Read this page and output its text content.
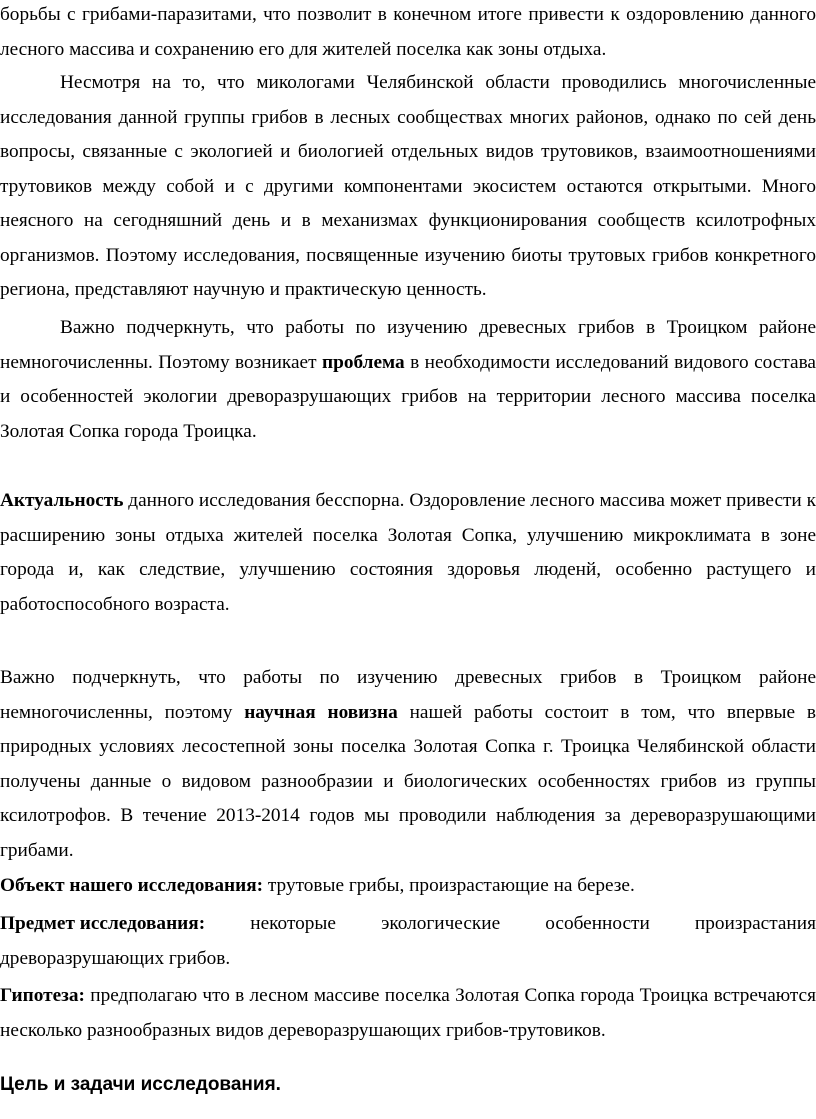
борьбы с грибами-паразитами, что позволит в конечном итоге привести к оздоровлению данного лесного массива и сохранению его для жителей поселка как зоны отдыха.

Несмотря на то, что микологами Челябинской области проводились многочисленные исследования данной группы грибов в лесных сообществах многих районов, однако по сей день вопросы, связанные с экологией и биологией отдельных видов трутовиков, взаимоотношениями трутовиков между собой и с другими компонентами экосистем остаются открытыми. Много неясного на сегодняшний день и в механизмах функционирования сообществ ксилотрофных организмов. Поэтому исследования, посвященные изучению биоты трутовых грибов конкретного региона, представляют научную и практическую ценность.

Важно подчеркнуть, что работы по изучению древесных грибов в Троицком районе немногочисленны. Поэтому возникает проблема в необходимости исследований видового состава и особенностей экологии древоразрушающих грибов на территории лесного массива поселка Золотая Сопка города Троицка.

Актуальность данного исследования бесспорна. Оздоровление лесного массива может привести к расширению зоны отдыха жителей поселка Золотая Сопка, улучшению микроклимата в зоне города и, как следствие, улучшению состояния здоровья люденй, особенно растущего и работоспособного возраста.

Важно подчеркнуть, что работы по изучению древесных грибов в Троицком районе немногочисленны, поэтому научная новизна нашей работы состоит в том, что впервые в природных условиях лесостепной зоны поселка Золотая Сопка г. Троицка Челябинской области получены данные о видовом разнообразии и биологических особенностях грибов из группы ксилотрофов. В течение 2013-2014 годов мы проводили наблюдения за дереворазрушающими грибами.

Объект нашего исследования: трутовые грибы, произрастающие на березе.

Предмет исследования: некоторые экологические особенности произрастания

древоразрушающих грибов.

Гипотеза: предполагаю что в лесном массиве поселка Золотая Сопка города Троицка встречаются несколько разнообразных видов дереворазрушающих грибов-трутовиков.

Цель и задачи исследования.
